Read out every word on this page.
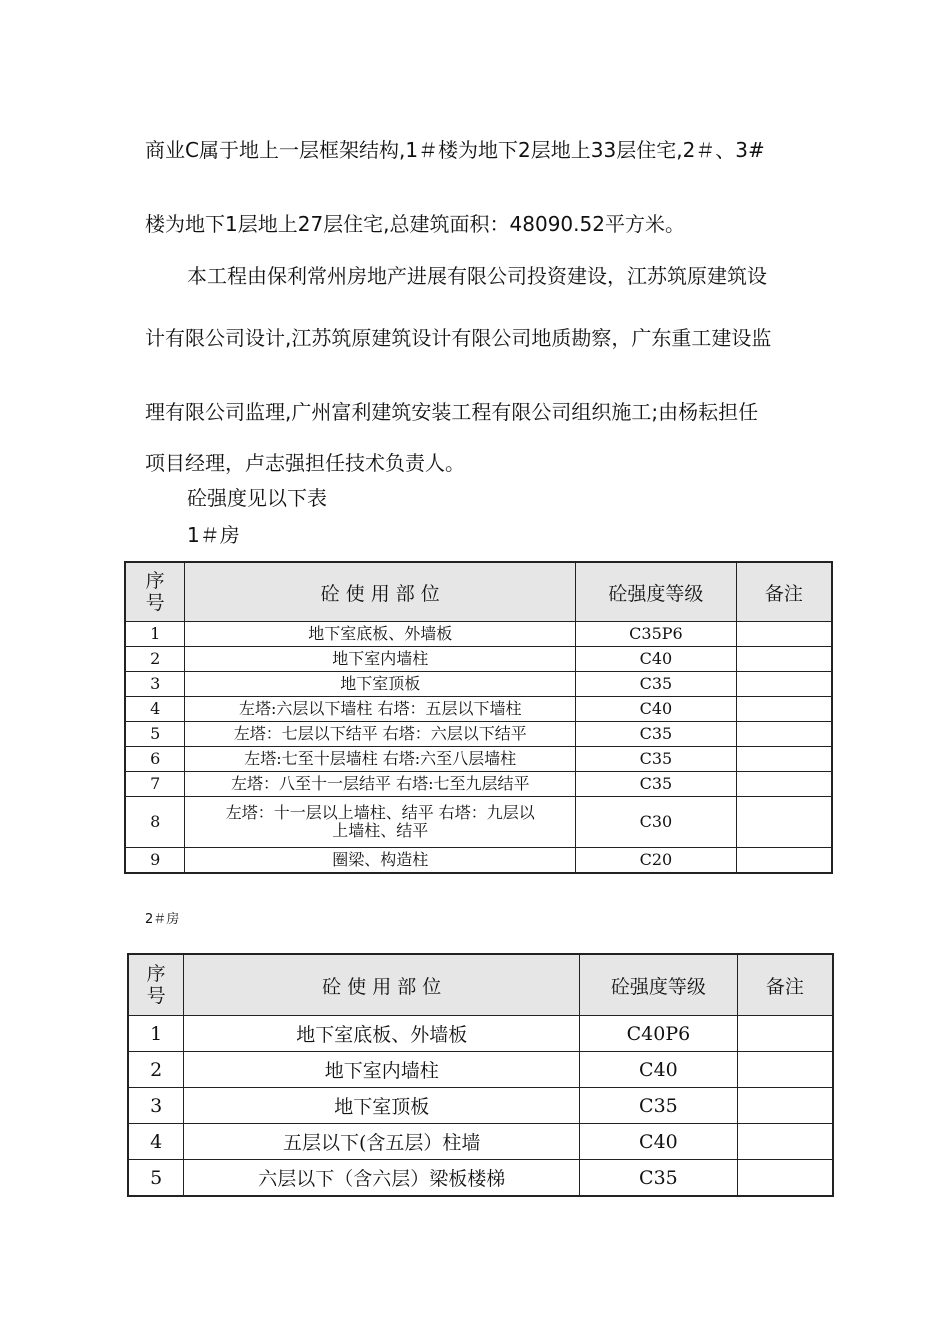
商业C属于地上一层框架结构,1＃楼为地下2层地上33层住宅,2＃、3#
楼为地下1层地上27层住宅,总建筑面积：48090.52平方米。
本工程由保利常州房地产进展有限公司投资建设，江苏筑原建筑设
计有限公司设计,江苏筑原建筑设计有限公司地质勘察，广东重工建设监
理有限公司监理,广州富利建筑安装工程有限公司组织施工;由杨耘担任
项目经理，卢志强担任技术负责人。
砼强度见以下表
1＃房
序
号	砼 使 用 部 位	砼强度等级	备注
1	地下室底板、外墙板	C35P6	
2	地下室内墙柱	C40	
3	地下室顶板	C35	
4	左塔:六层以下墙柱 右塔：五层以下墙柱	C40	
5	左塔：七层以下结平 右塔：六层以下结平	C35	
6	左塔:七至十层墙柱 右塔:六至八层墙柱	C35	
7	左塔：八至十一层结平 右塔:七至九层结平	C35	
8	左塔：十一层以上墙柱、结平 右塔：九层以
上墙柱、结平	C30	
9	圈梁、构造柱	C20	
2＃房
序
号	砼 使 用 部 位	砼强度等级	备注
1	地下室底板、外墙板	C40P6	
2	地下室内墙柱	C40	
3	地下室顶板	C35	
4	五层以下(含五层）柱墙	C40	
5	六层以下（含六层）梁板楼梯	C35	
